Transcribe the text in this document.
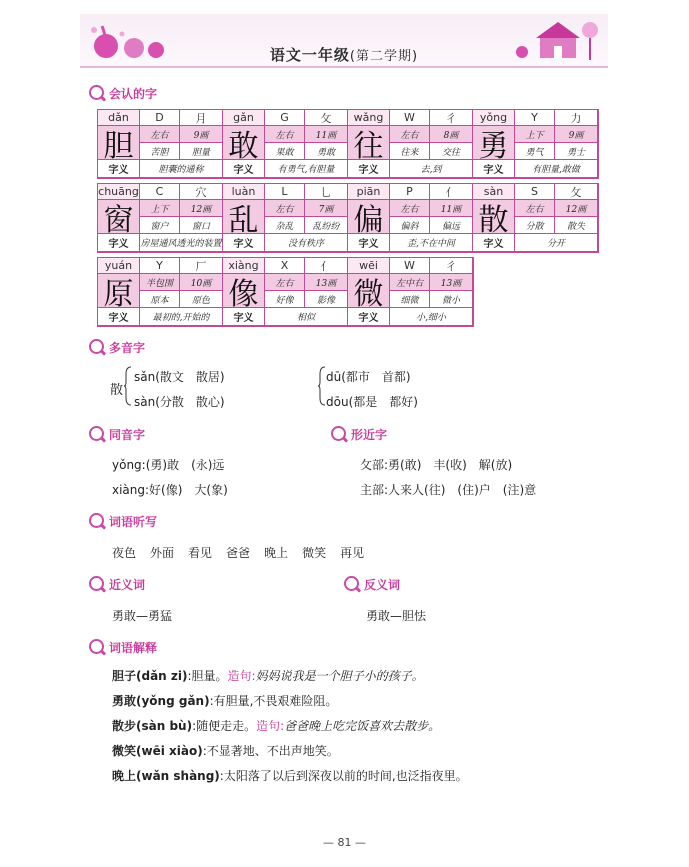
语文一年级(第二学期)
会认的字
dǎn	D	月
胆	左右	9画
苦胆	胆量
字义	胆囊的通称
gǎn	G	攵
敢	左右	11画
果敢	勇敢
字义	有勇气,有胆量
wǎng	W	彳
往	左右	8画
往来	交往
字义	去,到
yǒng	Y	力
勇	上下	9画
勇气	勇士
字义	有胆量,敢做
chuāng	C	穴
窗	上下	12画
窗户	窗口
字义	房屋通风透光的装置
luàn	L	乚
乱	左右	7画
杂乱	乱纷纷
字义	没有秩序
piān	P	亻
偏	左右	11画
偏斜	偏远
字义	歪,不在中间
sàn	S	攵
散	左右	12画
分散	散失
字义	分开
yuán	Y	厂
原	半包围	10画
原本	原色
字义	最初的,开始的
xiàng	X	亻
像	左右	13画
好像	影像
字义	相似
wēi	W	彳
微	左中右	13画
细微	微小
字义	小,细小
多音字
散
sǎn(散文　散居)
sàn(分散　散心)
都
dū(都市　首都)
dōu(都是　都好)
同音字	形近字
yǒng:(勇)敢　(永)远
xiàng:好(像)　大(象)
攵部:勇(敢)　丰(收)　解(放)
主部:人来人(往)　(住)户　(注)意
词语听写
夜色 外面 看见 爸爸 晚上 微笑 再见
近义词	反义词
勇敢—勇猛	勇敢—胆怯
词语解释
胆子(dǎn zi):胆量。造句:妈妈说我是一个胆子小的孩子。
勇敢(yǒng gǎn):有胆量,不畏艰难险阻。
散步(sàn bù):随便走走。造句:爸爸晚上吃完饭喜欢去散步。
微笑(wēi xiào):不显著地、不出声地笑。
晚上(wǎn shàng):太阳落了以后到深夜以前的时间,也泛指夜里。
— 81 —
